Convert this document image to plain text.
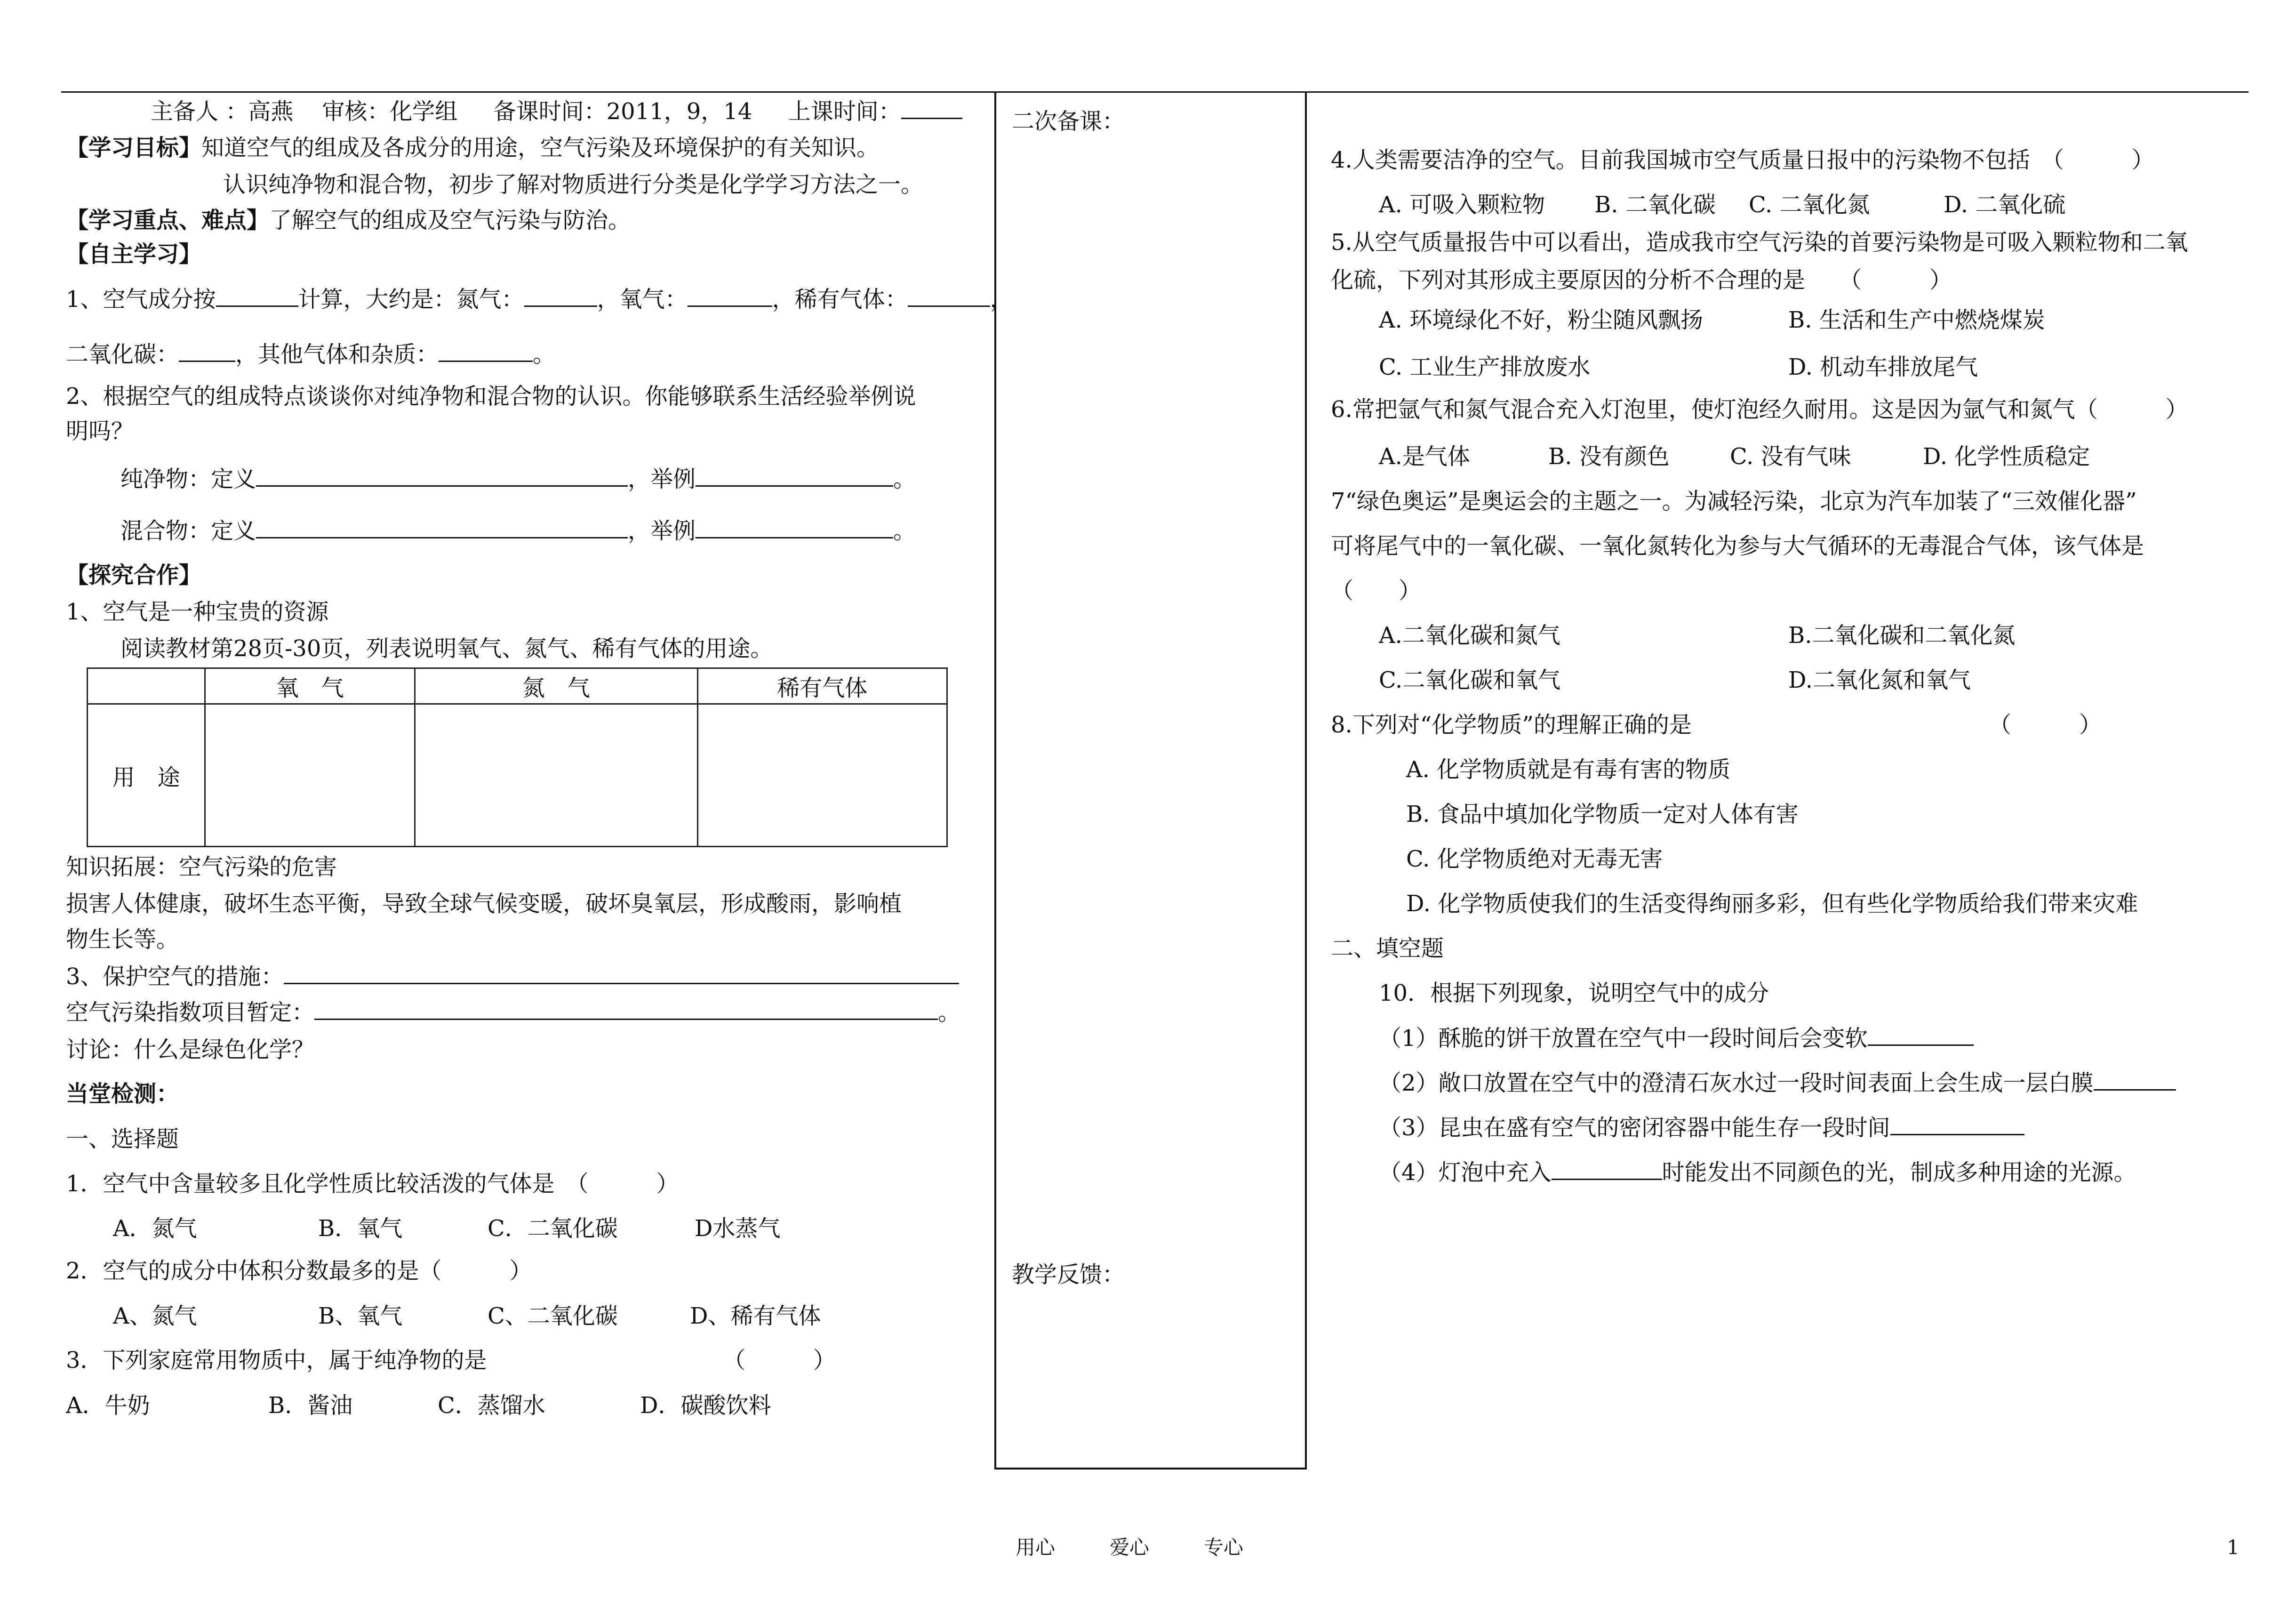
主备人 ：高燕 审核：化学组 备课时间：2011，9，14 上课时间：
【学习目标】知道空气的组成及各成分的用途，空气污染及环境保护的有关知识。
认识纯净物和混合物，初步了解对物质进行分类是化学学习方法之一。
【学习重点、难点】了解空气的组成及空气污染与防治。
【自主学习】
1、空气成分按	计算，大约是：氮气：	，氧气：	，稀有气体：	，
二氧化碳：	，其他气体和杂质：	。
2、根据空气的组成特点谈谈你对纯净物和混合物的认识。你能够联系生活经验举例说
明吗？
纯净物：定义	，举例	。
混合物：定义	，举例	。
【探究合作】
1、空气是一种宝贵的资源
阅读教材第28页-30页，列表说明氧气、氮气、稀有气体的用途。
	氧　气	氮　气	稀有气体
用　途			
知识拓展：空气污染的危害
损害人体健康，破坏生态平衡，导致全球气候变暖，破坏臭氧层，形成酸雨，影响植
物生长等。
3、保护空气的措施：
空气污染指数项目暂定：	。
讨论：什么是绿色化学？
当堂检测：
一、选择题
1．空气中含量较多且化学性质比较活泼的气体是　（　　　）
A．氮气	B．氧气	C．二氧化碳	D水蒸气
2．空气的成分中体积分数最多的是（　　　）
A、氮气	B、氧气	C、二氧化碳	D、稀有气体
3．下列家庭常用物质中，属于纯净物的是	（　　　）
A．牛奶	B．酱油	C．蒸馏水	D．碳酸饮料
二次备课：
教学反馈：
4.人类需要洁净的空气。目前我国城市空气质量日报中的污染物不包括　（　　　）
A. 可吸入颗粒物 B. 二氧化碳 C. 二氧化氮	D. 二氧化硫
5.从空气质量报告中可以看出，造成我市空气污染的首要污染物是可吸入颗粒物和二氧
化硫，下列对其形成主要原因的分析不合理的是　　（　　　）
A. 环境绿化不好，粉尘随风飘扬	B. 生活和生产中燃烧煤炭
C. 工业生产排放废水	D. 机动车排放尾气
6.常把氩气和氮气混合充入灯泡里，使灯泡经久耐用。这是因为氩气和氮气（　　　）
A.是气体	B. 没有颜色	C. 没有气味	D. 化学性质稳定
7“绿色奥运”是奥运会的主题之一。为减轻污染，北京为汽车加装了“三效催化器”
可将尾气中的一氧化碳、一氧化氮转化为参与大气循环的无毒混合气体，该气体是
（　　）
A.二氧化碳和氮气	B.二氧化碳和二氧化氮
C.二氧化碳和氧气	D.二氧化氮和氧气
8.下列对“化学物质”的理解正确的是	（　　　）
A. 化学物质就是有毒有害的物质
B. 食品中填加化学物质一定对人体有害
C. 化学物质绝对无毒无害
D. 化学物质使我们的生活变得绚丽多彩，但有些化学物质给我们带来灾难
二、填空题
10．根据下列现象，说明空气中的成分
（1）酥脆的饼干放置在空气中一段时间后会变软
（2）敞口放置在空气中的澄清石灰水过一段时间表面上会生成一层白膜
（3）昆虫在盛有空气的密闭容器中能生存一段时间
（4）灯泡中充入	时能发出不同颜色的光，制成多种用途的光源。
用心	爱心	专心	1
